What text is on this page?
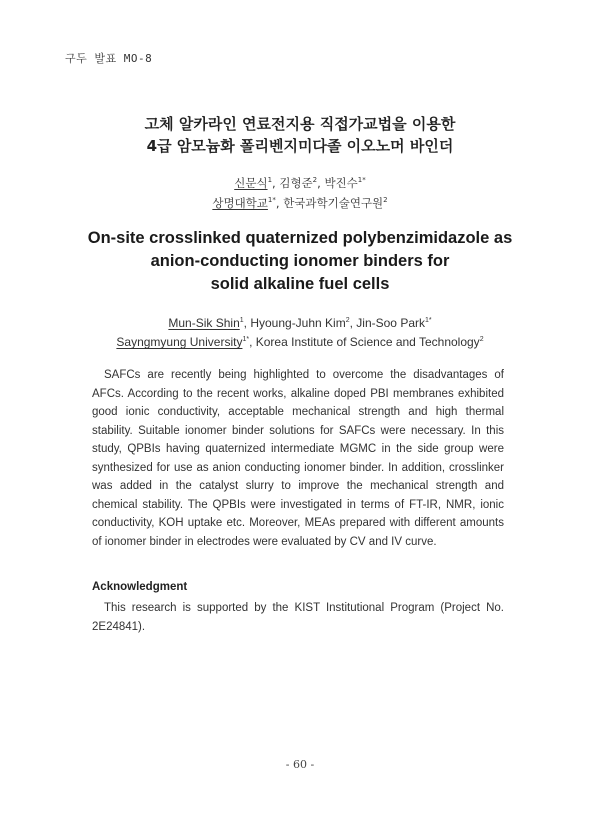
구두 발표 MO-8
고체 알카라인 연료전지용 직접가교법을 이용한
4급 암모늄화 폴리벤지미다졸 이오노머 바인더
신문식$^1$, 김형준$^2$, 박진수$^{1*}$
상명대학교$^{1*}$, 한국과학기술연구원$^2$
On-site crosslinked quaternized polybenzimidazole as
anion-conducting ionomer binders for
solid alkaline fuel cells
Mun-Sik Shin$^1$, Hyoung-Juhn Kim$^2$, Jin-Soo Park$^{1*}$
Sayngmyung University$^{1*}$, Korea Institute of Science and Technology$^2$

SAFCs are recently being highlighted to overcome the disadvantages of AFCs. According to the recent works, alkaline doped PBI membranes exhibited good ionic conductivity, acceptable mechanical strength and high thermal stability. Suitable ionomer binder solutions for SAFCs were necessary. In this study, QPBIs having quaternized intermediate MGMC in the side group were synthesized for use as anion conducting ionomer binder. In addition, crosslinker was added in the catalyst slurry to improve the mechanical strength and chemical stability. The QPBIs were investigated in terms of FT-IR, NMR, ionic conductivity, KOH uptake etc. Moreover, MEAs prepared with different amounts of ionomer binder in electrodes were evaluated by CV and IV curve.

Acknowledgment

This research is supported by the KIST Institutional Program (Project No. 2E24841).

- 60 -
